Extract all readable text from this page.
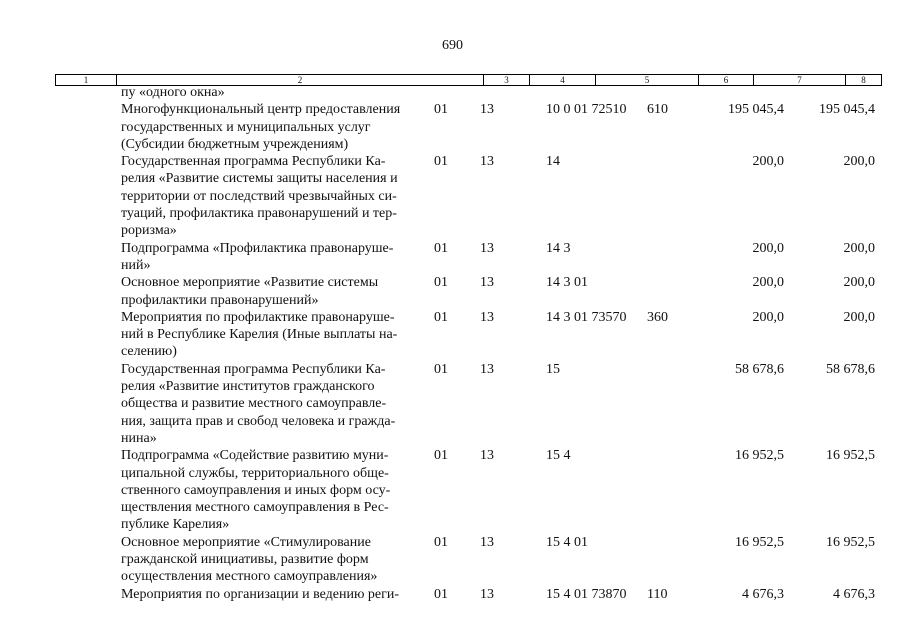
690
1	2	3	4	5	6	7	8
пу «одного окна»
Многофункциональный центр предоставления
государственных и муниципальных услуг
(Субсидии бюджетным учреждениям)
01 13	10 0 01 72510 610	195 045,4	195 045,4
Государственная программа Республики Ка-
релия «Развитие системы защиты населения и
территории от последствий чрезвычайных си-
туаций, профилактика правонарушений и тер-
роризма»
01 13	14	200,0	200,0
Подпрограмма «Профилактика правонаруше-
ний»
01 13	14 3	200,0	200,0
Основное мероприятие «Развитие системы
профилактики правонарушений»
01 13	14 3 01	200,0	200,0
Мероприятия по профилактике правонаруше-
ний в Республике Карелия (Иные выплаты на-
селению)
01 13	14 3 01 73570 360	200,0	200,0
Государственная программа Республики Ка-
релия «Развитие институтов гражданского
общества и развитие местного самоуправле-
ния, защита прав и свобод человека и гражда-
нина»
01 13	15	58 678,6	58 678,6
Подпрограмма «Содействие развитию муни-
ципальной службы, территориального обще-
ственного самоуправления и иных форм осу-
ществления местного самоуправления в Рес-
публике Карелия»
01 13	15 4	16 952,5	16 952,5
Основное мероприятие «Стимулирование
гражданской инициативы, развитие форм
осуществления местного самоуправления»
01 13	15 4 01	16 952,5	16 952,5
Мероприятия по организации и ведению реги-	01 13	15 4 01 73870 110	4 676,3	4 676,3
